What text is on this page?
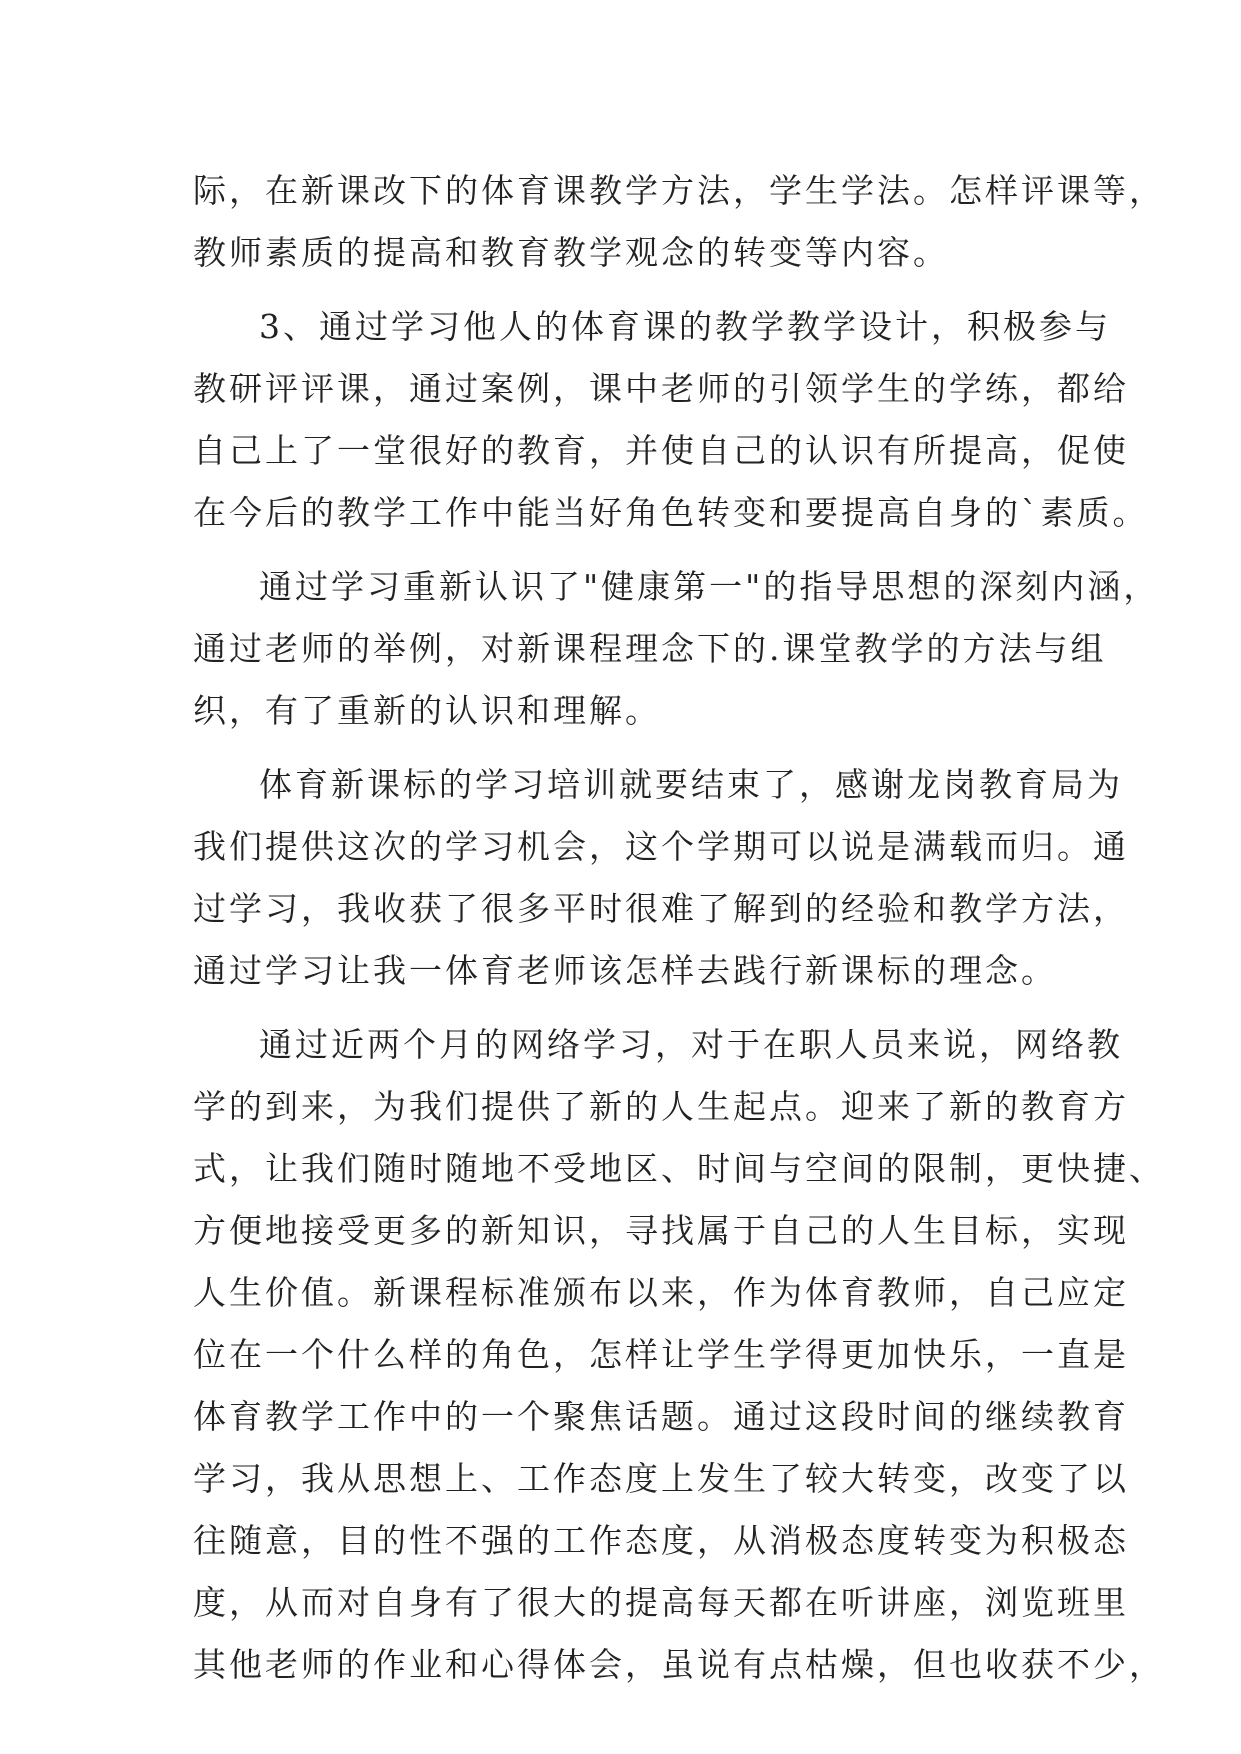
际，在新课改下的体育课教学方法，学生学法。怎样评课等，
教师素质的提高和教育教学观念的转变等内容。
3、通过学习他人的体育课的教学教学设计，积极参与
教研评评课，通过案例，课中老师的引领学生的学练，都给
自己上了一堂很好的教育，并使自己的认识有所提高，促使
在今后的教学工作中能当好角色转变和要提高自身的`素质。
通过学习重新认识了"健康第一"的指导思想的深刻内涵，
通过老师的举例，对新课程理念下的.课堂教学的方法与组
织，有了重新的认识和理解。
体育新课标的学习培训就要结束了，感谢龙岗教育局为
我们提供这次的学习机会，这个学期可以说是满载而归。通
过学习，我收获了很多平时很难了解到的经验和教学方法，
通过学习让我一体育老师该怎样去践行新课标的理念。
通过近两个月的网络学习，对于在职人员来说，网络教
学的到来，为我们提供了新的人生起点。迎来了新的教育方
式，让我们随时随地不受地区、时间与空间的限制，更快捷、
方便地接受更多的新知识，寻找属于自己的人生目标，实现
人生价值。新课程标准颁布以来，作为体育教师，自己应定
位在一个什么样的角色，怎样让学生学得更加快乐，一直是
体育教学工作中的一个聚焦话题。通过这段时间的继续教育
学习，我从思想上、工作态度上发生了较大转变，改变了以
往随意，目的性不强的工作态度，从消极态度转变为积极态
度，从而对自身有了很大的提高每天都在听讲座，浏览班里
其他老师的作业和心得体会，虽说有点枯燥，但也收获不少，
